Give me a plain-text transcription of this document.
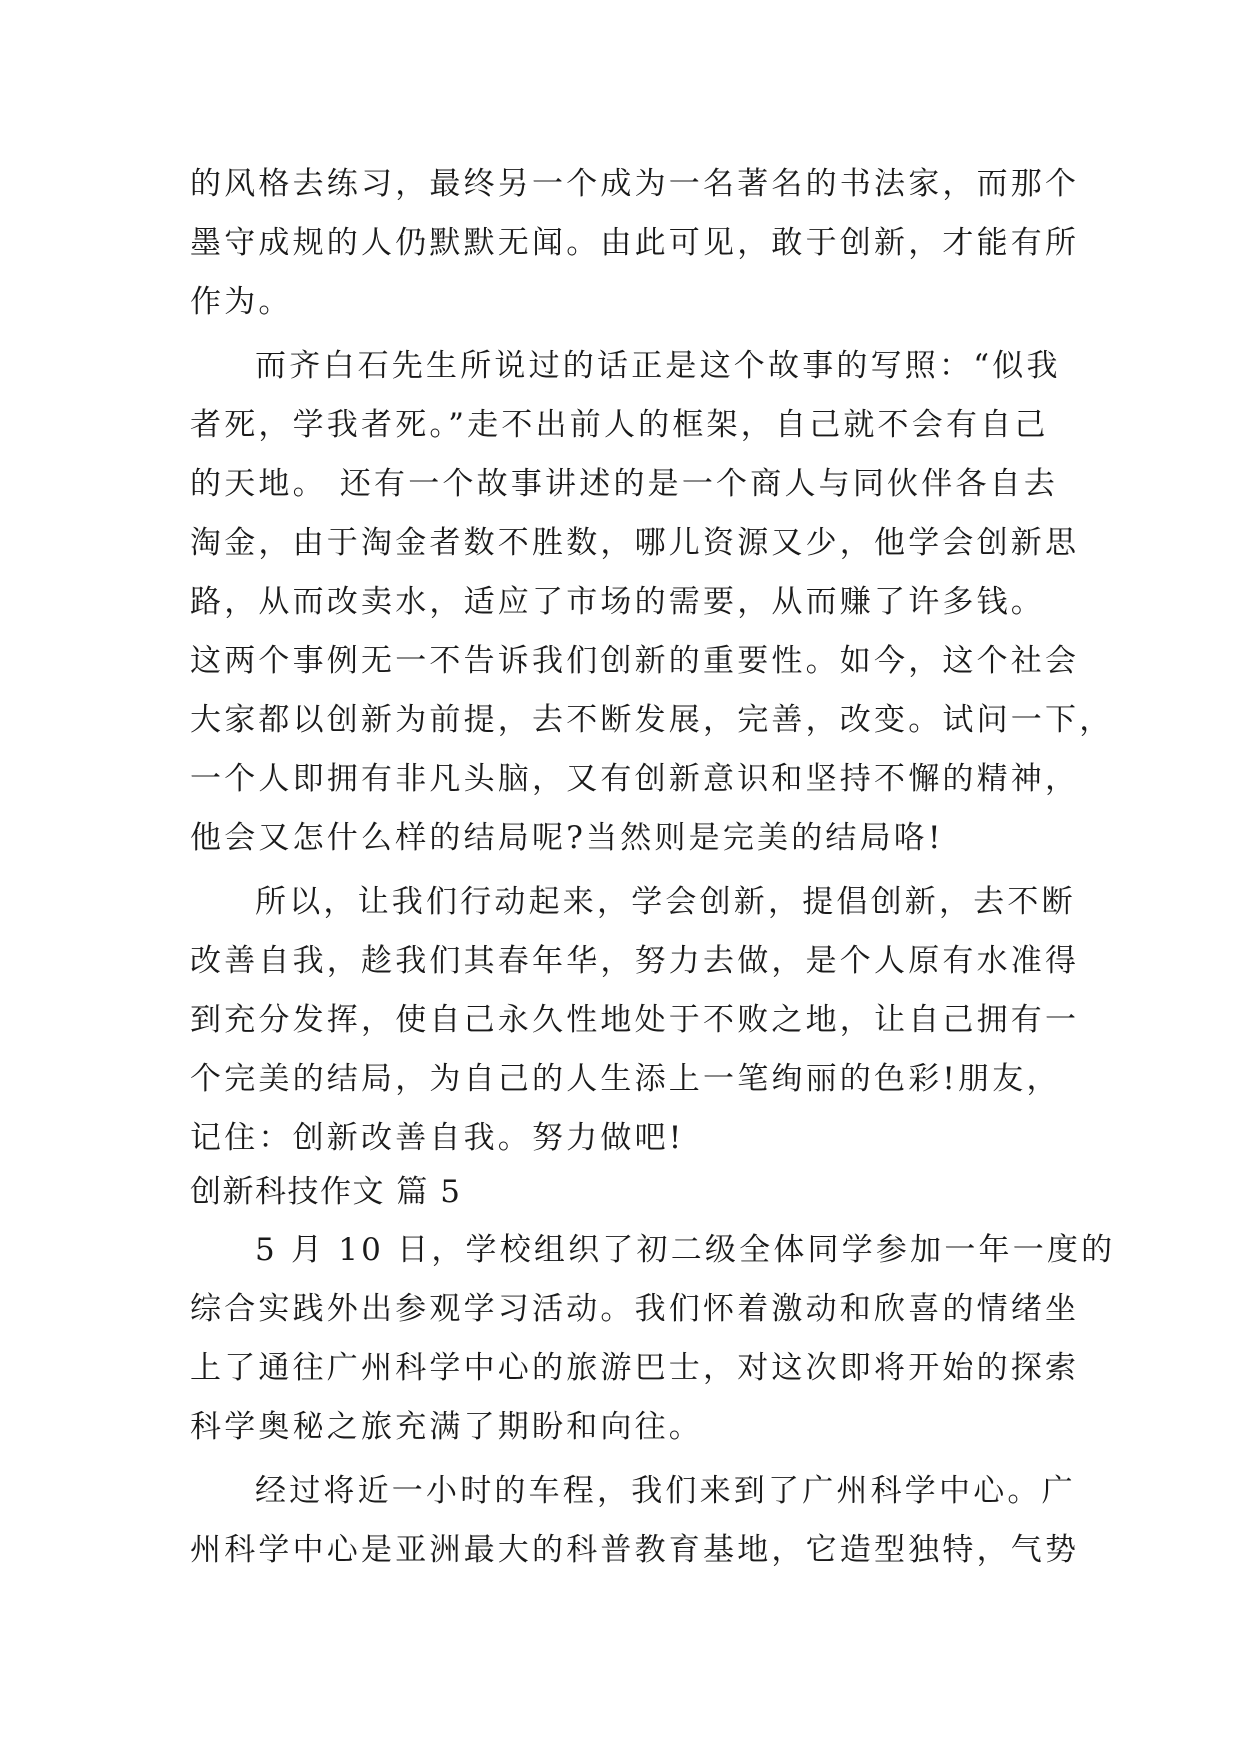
的风格去练习，最终另一个成为一名著名的书法家，而那个
墨守成规的人仍默默无闻。由此可见，敢于创新，才能有所
作为。
而齐白石先生所说过的话正是这个故事的写照：“似我
者死，学我者死。”走不出前人的框架，自己就不会有自己
的天地。 还有一个故事讲述的是一个商人与同伙伴各自去
淘金，由于淘金者数不胜数，哪儿资源又少，他学会创新思
路，从而改卖水，适应了市场的需要，从而赚了许多钱。
这两个事例无一不告诉我们创新的重要性。如今，这个社会
大家都以创新为前提，去不断发展，完善，改变。试问一下，
一个人即拥有非凡头脑，又有创新意识和坚持不懈的精神，
他会又怎什么样的结局呢?当然则是完美的结局咯!
所以，让我们行动起来，学会创新，提倡创新，去不断
改善自我，趁我们其春年华，努力去做，是个人原有水准得
到充分发挥，使自己永久性地处于不败之地，让自己拥有一
个完美的结局，为自己的人生添上一笔绚丽的色彩!朋友，
记住：创新改善自我。努力做吧!
创新科技作文 篇 5
5 月 10 日，学校组织了初二级全体同学参加一年一度的
综合实践外出参观学习活动。我们怀着激动和欣喜的情绪坐
上了通往广州科学中心的旅游巴士，对这次即将开始的探索
科学奥秘之旅充满了期盼和向往。
经过将近一小时的车程，我们来到了广州科学中心。广
州科学中心是亚洲最大的科普教育基地，它造型独特，气势
